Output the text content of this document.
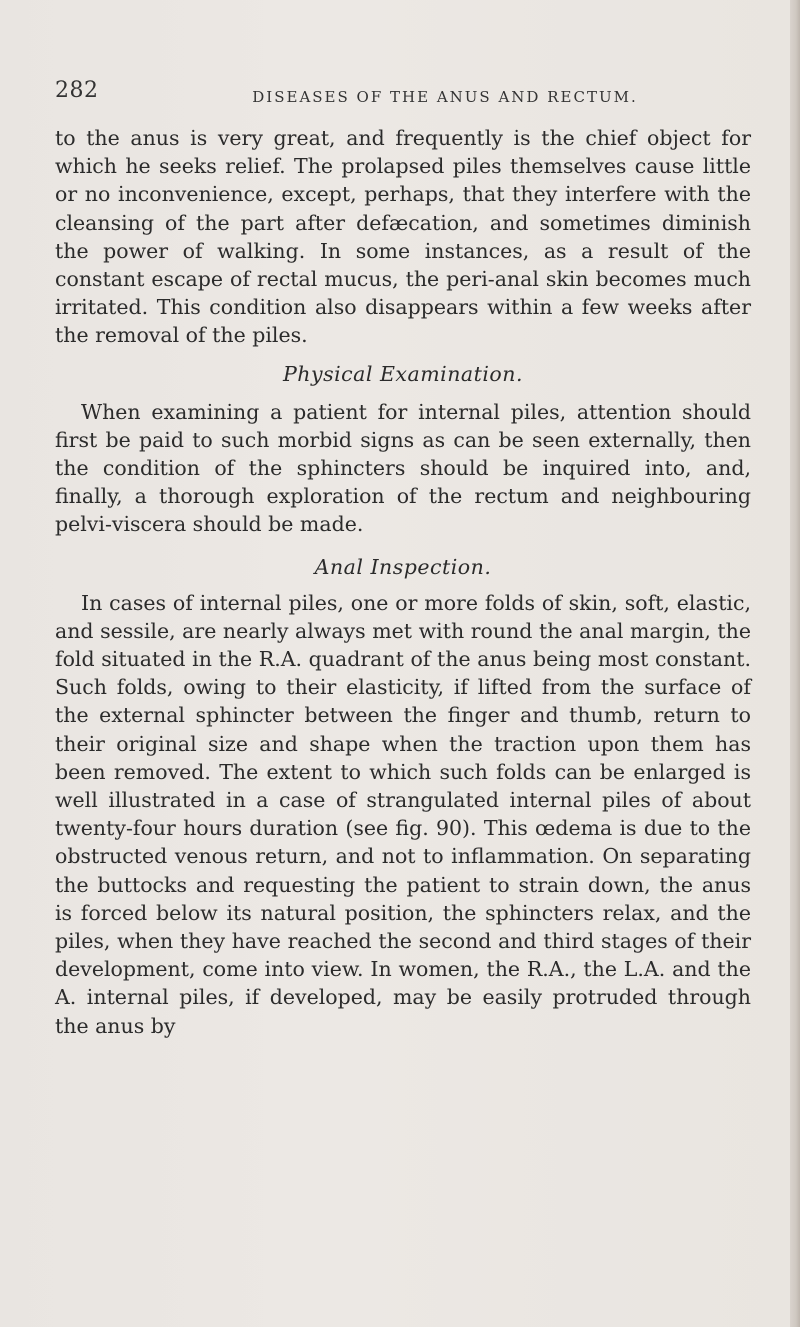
282	DISEASES OF THE ANUS AND RECTUM.

to the anus is very great, and frequently is the chief object for which he seeks relief. The prolapsed piles themselves cause little or no inconvenience, except, perhaps, that they interfere with the cleansing of the part after defæcation, and sometimes diminish the power of walking. In some instances, as a result of the constant escape of rectal mucus, the peri-anal skin becomes much irritated. This condition also disappears within a few weeks after the removal of the piles.

Physical Examination.

When examining a patient for internal piles, attention should first be paid to such morbid signs as can be seen externally, then the condition of the sphincters should be inquired into, and, finally, a thorough exploration of the rectum and neighbouring pelvi-viscera should be made.

Anal Inspection.

In cases of internal piles, one or more folds of skin, soft, elastic, and sessile, are nearly always met with round the anal margin, the fold situated in the R.A. quadrant of the anus being most constant. Such folds, owing to their elasticity, if lifted from the surface of the external sphincter between the finger and thumb, return to their original size and shape when the traction upon them has been removed. The extent to which such folds can be enlarged is well illustrated in a case of strangulated internal piles of about twenty-four hours duration (see fig. 90). This œdema is due to the obstructed venous return, and not to inflammation. On separating the buttocks and requesting the patient to strain down, the anus is forced below its natural position, the sphincters relax, and the piles, when they have reached the second and third stages of their development, come into view. In women, the R.A., the L.A. and the A. internal piles, if developed, may be easily protruded through the anus by
